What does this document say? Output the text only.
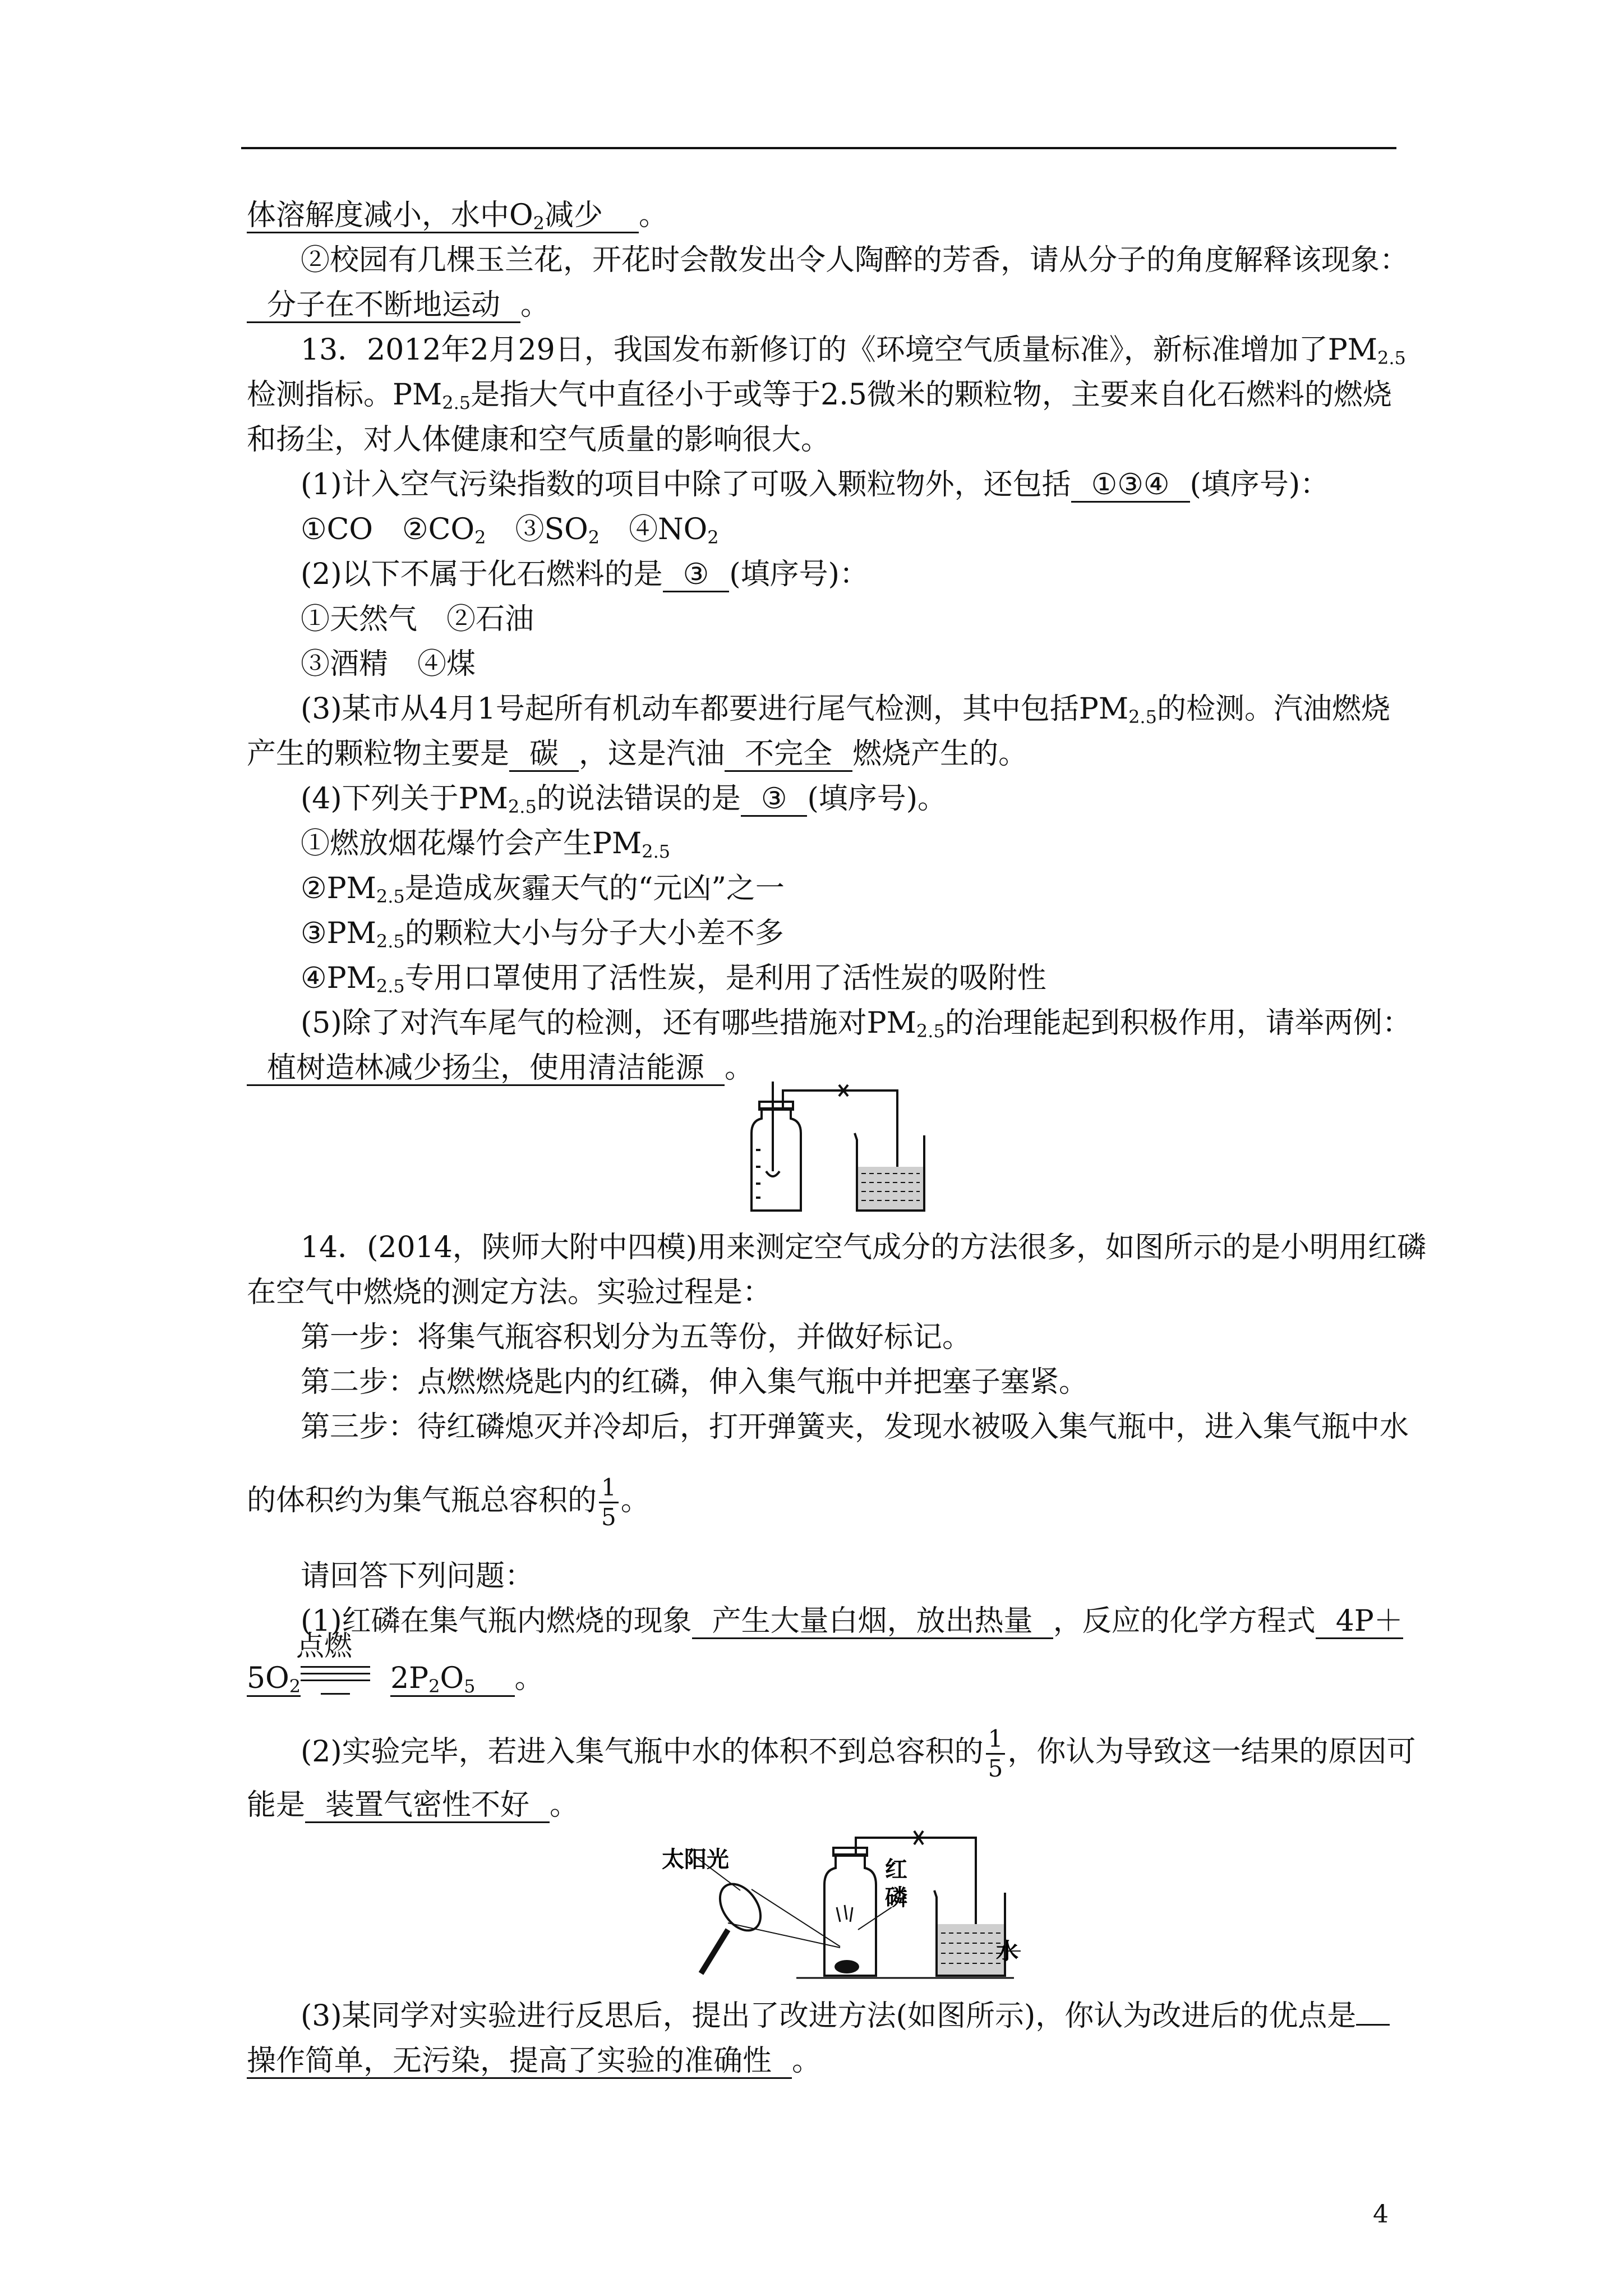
体溶解度减小，水中$O_2$减少　 。
②校园有几棵玉兰花，开花时会散发出令人陶醉的芳香，请从分子的角度解释该现象：
分子在不断地运动 。
13．2012年2月29日，我国发布新修订的《环境空气质量标准》，新标准增加了$PM_{2.5}$
检测指标。$PM_{2.5}$是指大气中直径小于或等于2.5微米的颗粒物，主要来自化石燃料的燃烧
和扬尘，对人体健康和空气质量的影响很大。
(1)计入空气污染指数的项目中除了可吸入颗粒物外，还包括 ①③④ (填序号)：
①CO　$②CO_2$　 $③SO_2$　 $④NO_2$
(2)以下不属于化石燃料的是 ③ (填序号)：
①天然气　②石油
③酒精　④煤
(3)某市从4月1号起所有机动车都要进行尾气检测，其中包括$PM_{2.5}$的检测。汽油燃烧
产生的颗粒物主要是 碳 ，这是汽油 不完全 燃烧产生的。
(4)下列关于$PM_{2.5}$的说法错误的是 ③ (填序号)。
①燃放烟花爆竹会产生$PM_{2.5}$
$②PM_{2.5}$是造成灰霾天气的“元凶”之一
$③PM_{2.5}$的颗粒大小与分子大小差不多
$④PM_{2.5}$专用口罩使用了活性炭，是利用了活性炭的吸附性
(5)除了对汽车尾气的检测，还有哪些措施对$PM_{2.5}$的治理能起到积极作用，请举两例：
植树造林减少扬尘，使用清洁能源 。
14．(2014，陕师大附中四模)用来测定空气成分的方法很多，如图所示的是小明用红磷
在空气中燃烧的测定方法。实验过程是：
第一步：将集气瓶容积划分为五等份，并做好标记。
第二步：点燃燃烧匙内的红磷，伸入集气瓶中并把塞子塞紧。
第三步：待红磷熄灭并冷却后，打开弹簧夹，发现水被吸入集气瓶中，进入集气瓶中水
的体积约为集气瓶总容积的 $\frac{1}{5}$ 。
请回答下列问题：
(1)红磷在集气瓶内燃烧的现象 产生大量白烟，放出热量 ，反应的化学方程式 4P＋
点燃
$5O_2$	$2P_2O_5$ 。
(2)实验完毕，若进入集气瓶中水的体积不到总容积的 $\frac{1}{5}$ ，你认为导致这一结果的原因可
能是 装置气密性不好 。
太阳光	红
磷
水
(3)某同学对实验进行反思后，提出了改进方法(如图所示)，你认为改进后的优点是
操作简单，无污染，提高了实验的准确性 。
4
